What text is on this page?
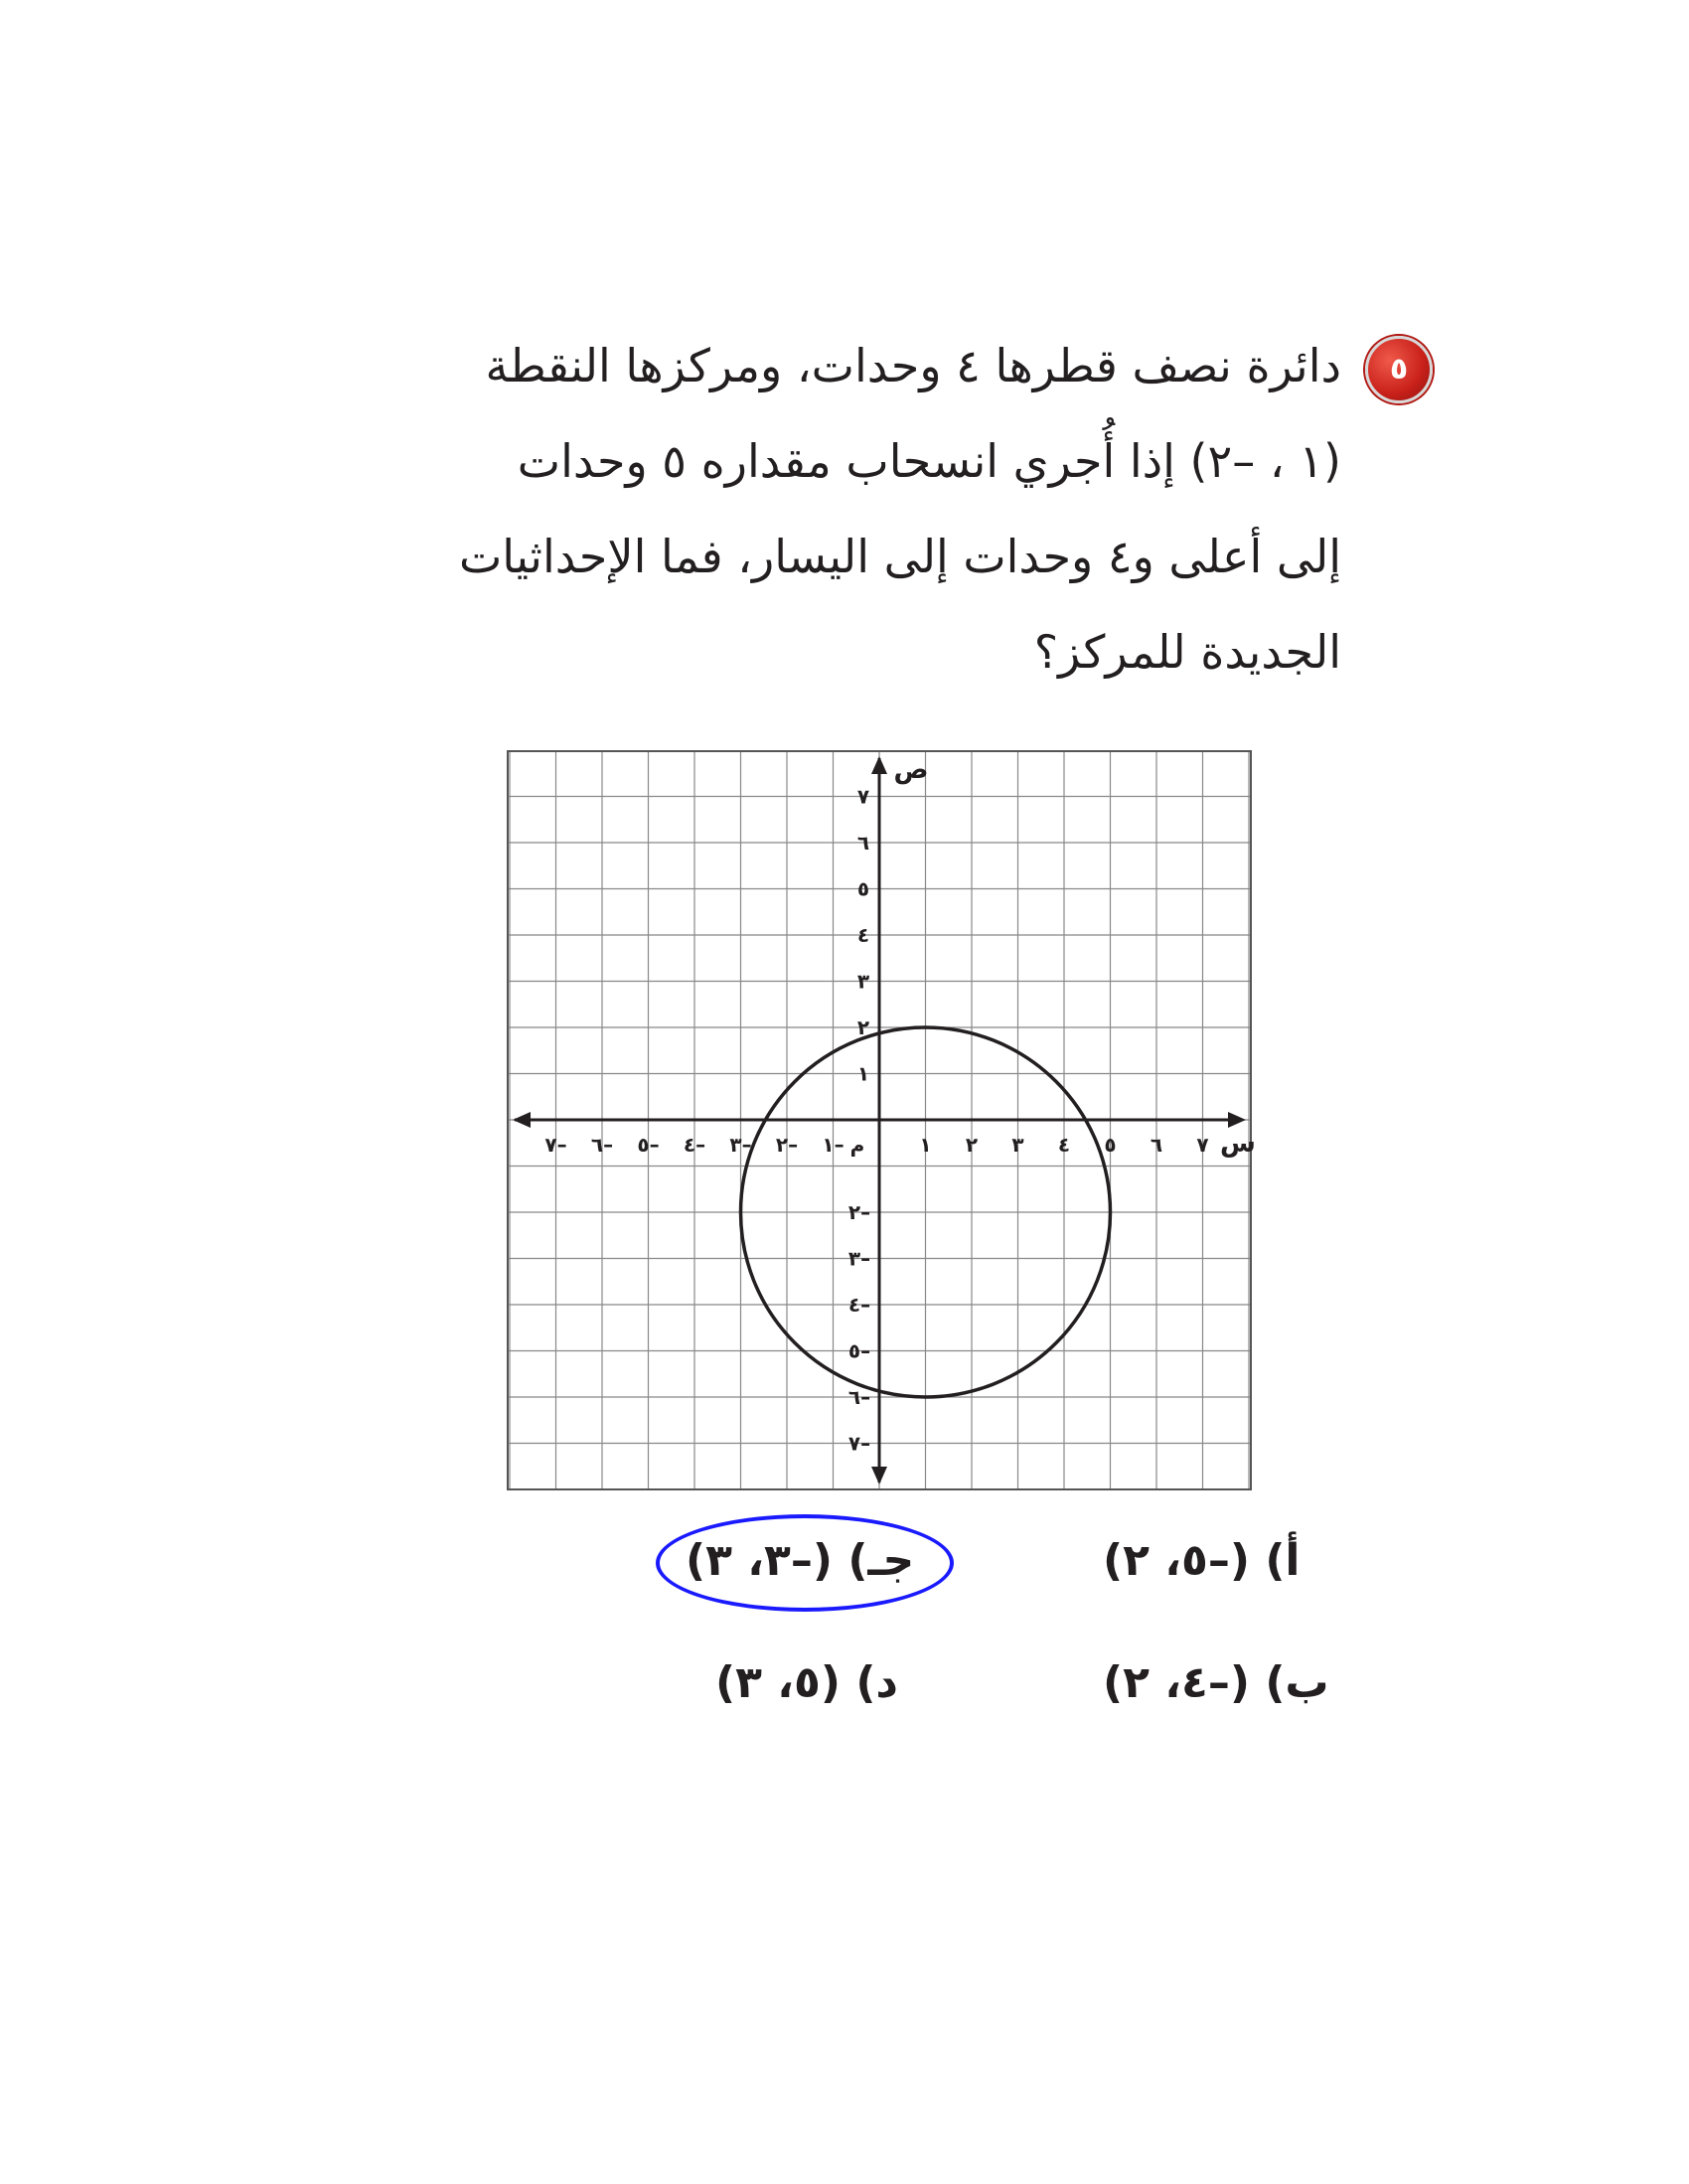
٥
دائرة نصف قطرها ٤ وحدات، ومركزها النقطة
(١ ، –٢) إذا أُجري انسحاب مقداره ٥ وحدات
إلى أعلى و٤ وحدات إلى اليسار، فما الإحداثيات
الجديدة للمركز؟
١ ٢ ٣ ٤ ٥ ٦ ٧
١–
٢–
٣–
٤–
٥–
٦–
٧–	م	س
١
٢
٣
٤
٥
٦
٧
٢–
٣–
٤–
٥–
٦–
٧–
ص
أ) (–٥، ٢)
ب) (–٤، ٢)
جـ) (–٣، ٣)
د) (٥، ٣)
